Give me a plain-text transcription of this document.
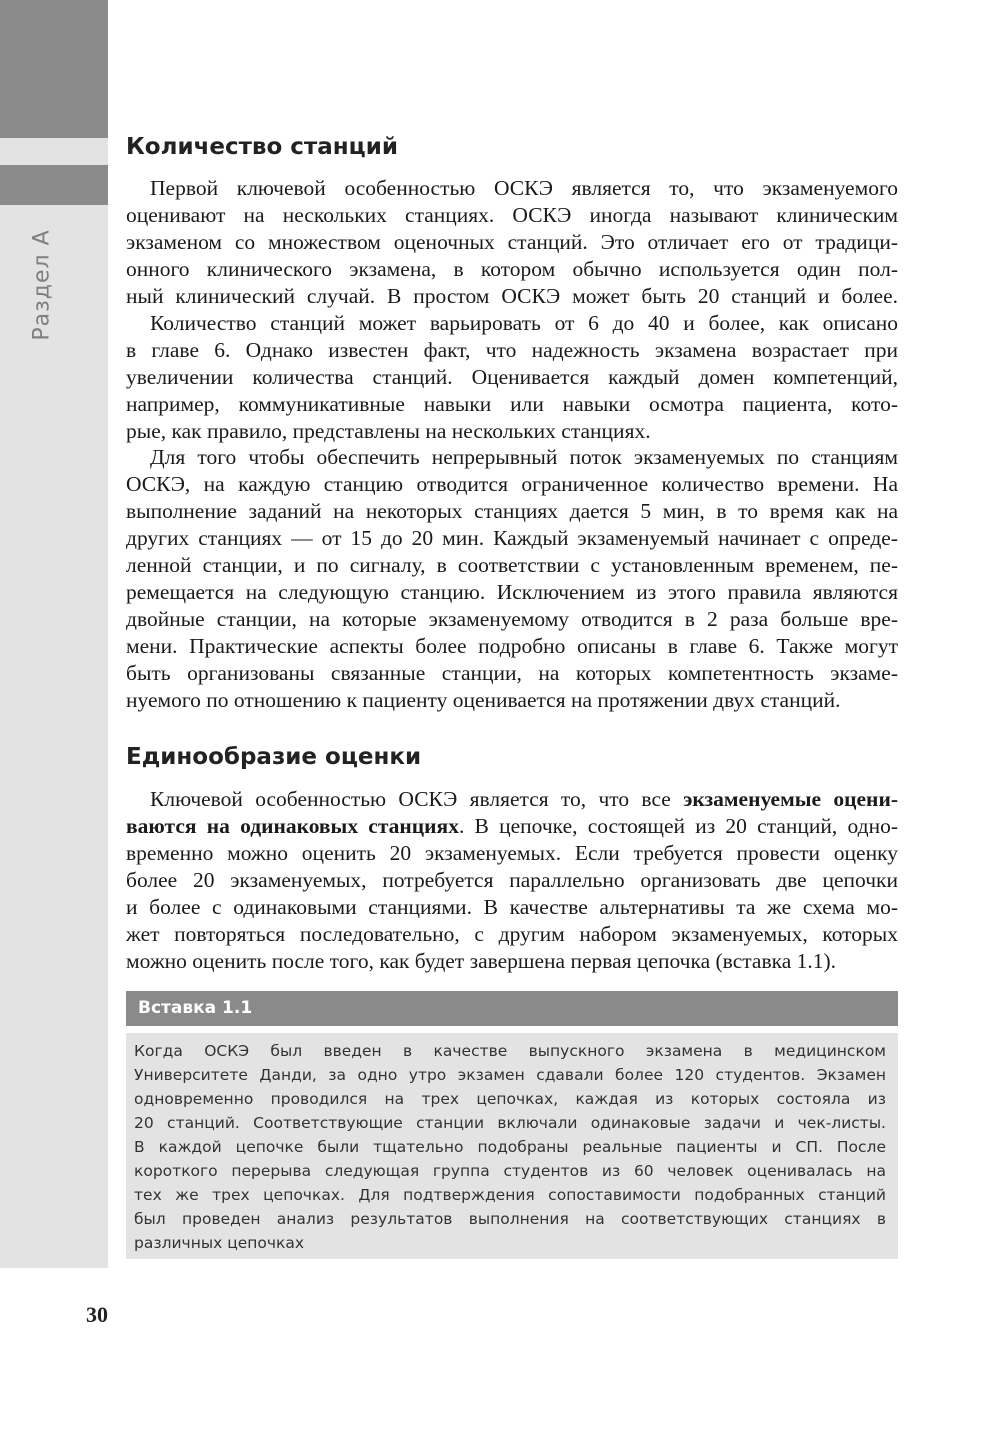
Раздел А
Количество станций
Первой ключевой особенностью ОСКЭ является то, что экзаменуемого
оценивают на нескольких станциях. ОСКЭ иногда называют клиническим
экзаменом со множеством оценочных станций. Это отличает его от традици-
онного клинического экзамена, в котором обычно используется один пол-
ный клинический случай. В простом ОСКЭ может быть 20 станций и более.
Количество станций может варьировать от 6 до 40 и более, как описано
в главе 6. Однако известен факт, что надежность экзамена возрастает при
увеличении количества станций. Оценивается каждый домен компетенций,
например, коммуникативные навыки или навыки осмотра пациента, кото-
рые, как правило, представлены на нескольких станциях.
Для того чтобы обеспечить непрерывный поток экзаменуемых по станциям
ОСКЭ, на каждую станцию отводится ограниченное количество времени. На
выполнение заданий на некоторых станциях дается 5 мин, в то время как на
других станциях — от 15 до 20 мин. Каждый экзаменуемый начинает с опреде-
ленной станции, и по сигналу, в соответствии с установленным временем, пе-
ремещается на следующую станцию. Исключением из этого правила являются
двойные станции, на которые экзаменуемому отводится в 2 раза больше вре-
мени. Практические аспекты более подробно описаны в главе 6. Также могут
быть организованы связанные станции, на которых компетентность экзаме-
нуемого по отношению к пациенту оценивается на протяжении двух станций.
Единообразие оценки
Ключевой особенностью ОСКЭ является то, что все экзаменуемые оцени-
ваются на одинаковых станциях. В цепочке, состоящей из 20 станций, одно-
временно можно оценить 20 экзаменуемых. Если требуется провести оценку
более 20 экзаменуемых, потребуется параллельно организовать две цепочки
и более с одинаковыми станциями. В качестве альтернативы та же схема мо-
жет повторяться последовательно, с другим набором экзаменуемых, которых
можно оценить после того, как будет завершена первая цепочка (вставка 1.1).
Вставка 1.1
Когда ОСКЭ был введен в качестве выпускного экзамена в медицинском
Университете Данди, за одно утро экзамен сдавали более 120 студентов. Экзамен
одновременно проводился на трех цепочках, каждая из которых состояла из
20 станций. Соответствующие станции включали одинаковые задачи и чек-листы.
В каждой цепочке были тщательно подобраны реальные пациенты и СП. После
короткого перерыва следующая группа студентов из 60 человек оценивалась на
тех же трех цепочках. Для подтверждения сопоставимости подобранных станций
был проведен анализ результатов выполнения на соответствующих станциях в
различных цепочках
30
